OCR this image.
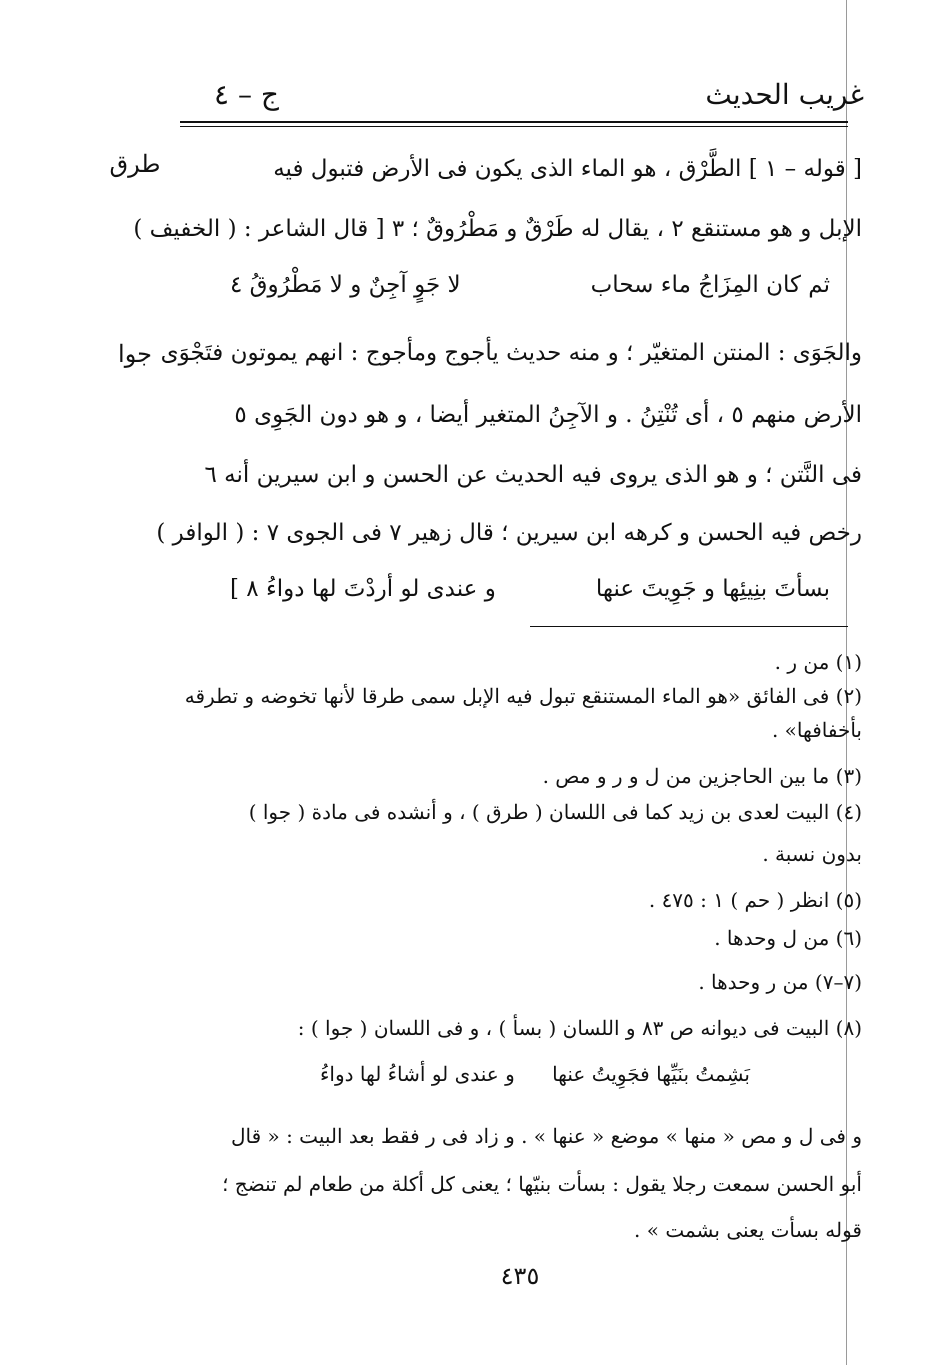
غريب الحديث
ج – ٤
طرق
جوا
[ قوله – ١ ] الطَّرْق ، هو الماء الذى يكون فى الأرض فتبول فيه
الإبل و هو مستنقع ٢ ، يقال له طَرْقٌ و مَطْرُوقٌ ؛ ٣ [ قال الشاعر : ( الخفيف )
ثم كان المِزَاجُ ماء سحاب
لا جَوٍ آجِنٌ و لا مَطْرُوقُ ٤
والجَوَى : المنتن المتغيّر ؛ و منه حديث يأجوج ومأجوج : انهم يموتون فتَجْوَى
الأرض منهم ٥ ، أى تُنْتِنُ . و الآجِنُ المتغير أيضا ، و هو دون الجَوِى ٥
فى النَّتن ؛ و هو الذى يروى فيه الحديث عن الحسن و ابن سيرين أنه ٦
رخص فيه الحسن و كرهه ابن سيرين ؛ قال زهير ٧ فى الجوى ٧ : ( الوافر )
بسأتَ بنِيئِها و جَوِيتَ عنها
و عندى لو أردْتَ لها دواءُ ٨ ]
(١) من ر .
(٢) فى الفائق «هو الماء المستنقع تبول فيه الإبل سمى طرقا لأنها تخوضه و تطرقه
بأخفافها» .
(٣) ما بين الحاجزين من ل و ر و مص .
(٤) البيت لعدى بن زيد كما فى اللسان ( طرق ) ، و أنشده فى مادة ( جوا )
بدون نسبة .
(٥) انظر ( حم ) ١ : ٤٧٥ .
(٦) من ل وحدها .
(٧–٧) من ر وحدها .
(٨) البيت فى ديوانه ص ٨٣ و اللسان ( بسأ ) ، و فى اللسان ( جوا ) :
بَشِمتُ بنَيِّها فجَوِيتُ عنها
و عندى لو أشاءُ لها دواءُ
و فى ل و مص « منها » موضع « عنها » . و زاد فى ر فقط بعد البيت : « قال
أبو الحسن سمعت رجلا يقول : بسأت بنيّها ؛ يعنى كل أكلة من طعام لم تنضج ؛
قوله بسأت يعنى بشمت » .
٤٣٥
